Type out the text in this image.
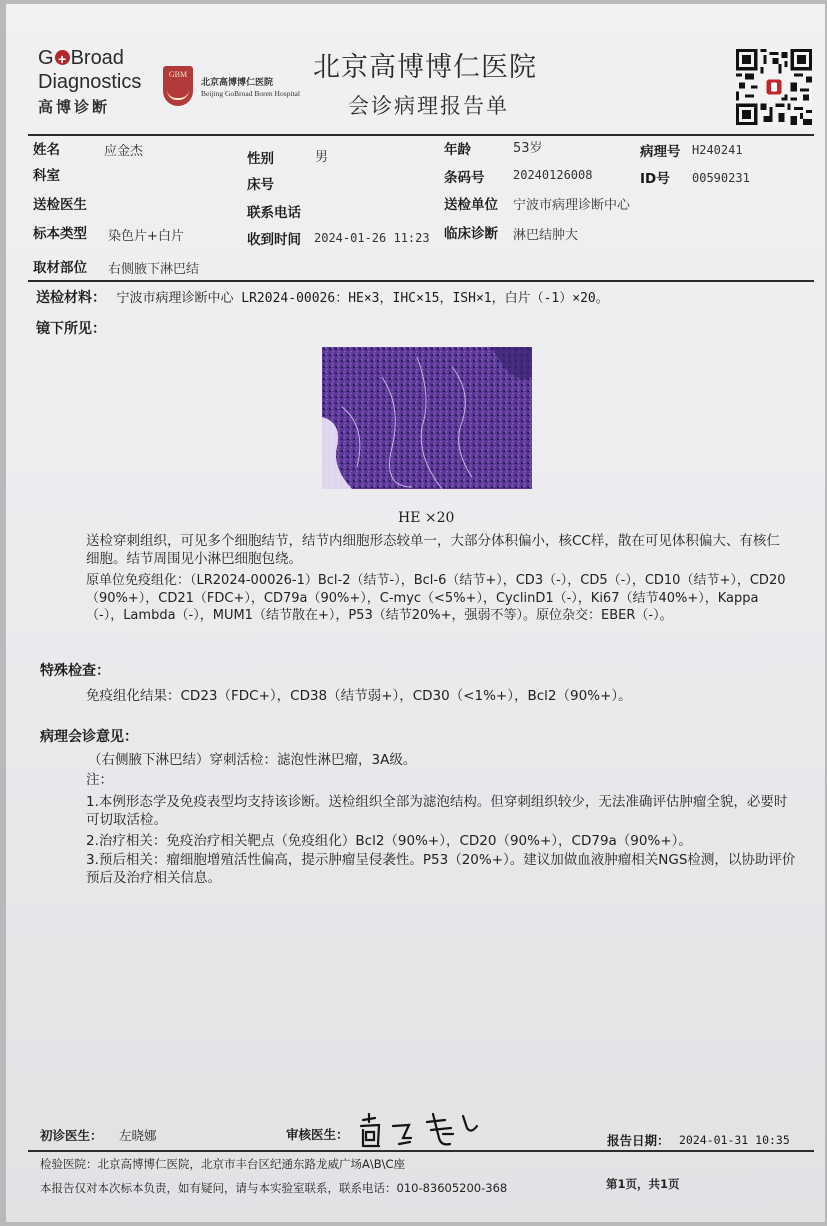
G+ Broad
Diagnostics
高博诊断
GBM
北京高博博仁医院
Beijing GoBroad Boren Hospital
北京高博博仁医院
会诊病理报告单
姓名	应金杰	性别	男	年龄	53岁	病理号 H240241
科室
床号	条码号 20240126008	ID号 00590231
送检医生	联系电话	送检单位 宁波市病理诊断中心
标本类型 染色片+白片	收到时间 2024-01-26 11:23 临床诊断 淋巴结肿大
取材部位 右侧腋下淋巴结
送检材料： 宁波市病理诊断中心 LR2024-00026：HE×3，IHC×15，ISH×1，白片（-1）×20。
镜下所见：
HE ×20
送检穿刺组织，可见多个细胞结节，结节内细胞形态较单一，大部分体积偏小，核CC样，散在可见体积偏大、有核仁细胞。结节周围见小淋巴细胞包绕。
原单位免疫组化：（LR2024-00026-1）Bcl-2（结节-），Bcl-6（结节+），CD3（-），CD5（-），CD10（结节+），CD20（90%+），CD21（FDC+），CD79a（90%+），C-myc（<5%+），CyclinD1（-），Ki67（结节40%+），Kappa（-），Lambda（-），MUM1（结节散在+），P53（结节20%+，强弱不等）。原位杂交：EBER（-）。
特殊检查：
免疫组化结果：CD23（FDC+），CD38（结节弱+），CD30（<1%+），Bcl2（90%+）。
病理会诊意见：
（右侧腋下淋巴结）穿刺活检：滤泡性淋巴瘤，3A级。
注：
1.本例形态学及免疫表型均支持该诊断。送检组织全部为滤泡结构。但穿刺组织较少，无法准确评估肿瘤全貌，必要时可切取活检。
2.治疗相关：免疫治疗相关靶点（免疫组化）Bcl2（90%+），CD20（90%+），CD79a（90%+）。
3.预后相关：瘤细胞增殖活性偏高，提示肿瘤呈侵袭性。P53（20%+）。建议加做血液肿瘤相关NGS检测，以协助评价预后及治疗相关信息。
初诊医生： 左晓娜	审核医生：	报告日期： 2024-01-31 10:35
检验医院：北京高博博仁医院，北京市丰台区纪通东路龙威广场A\B\C座
本报告仅对本次标本负责，如有疑问，请与本实验室联系，联系电话：010-83605200-368	第1页，共1页
